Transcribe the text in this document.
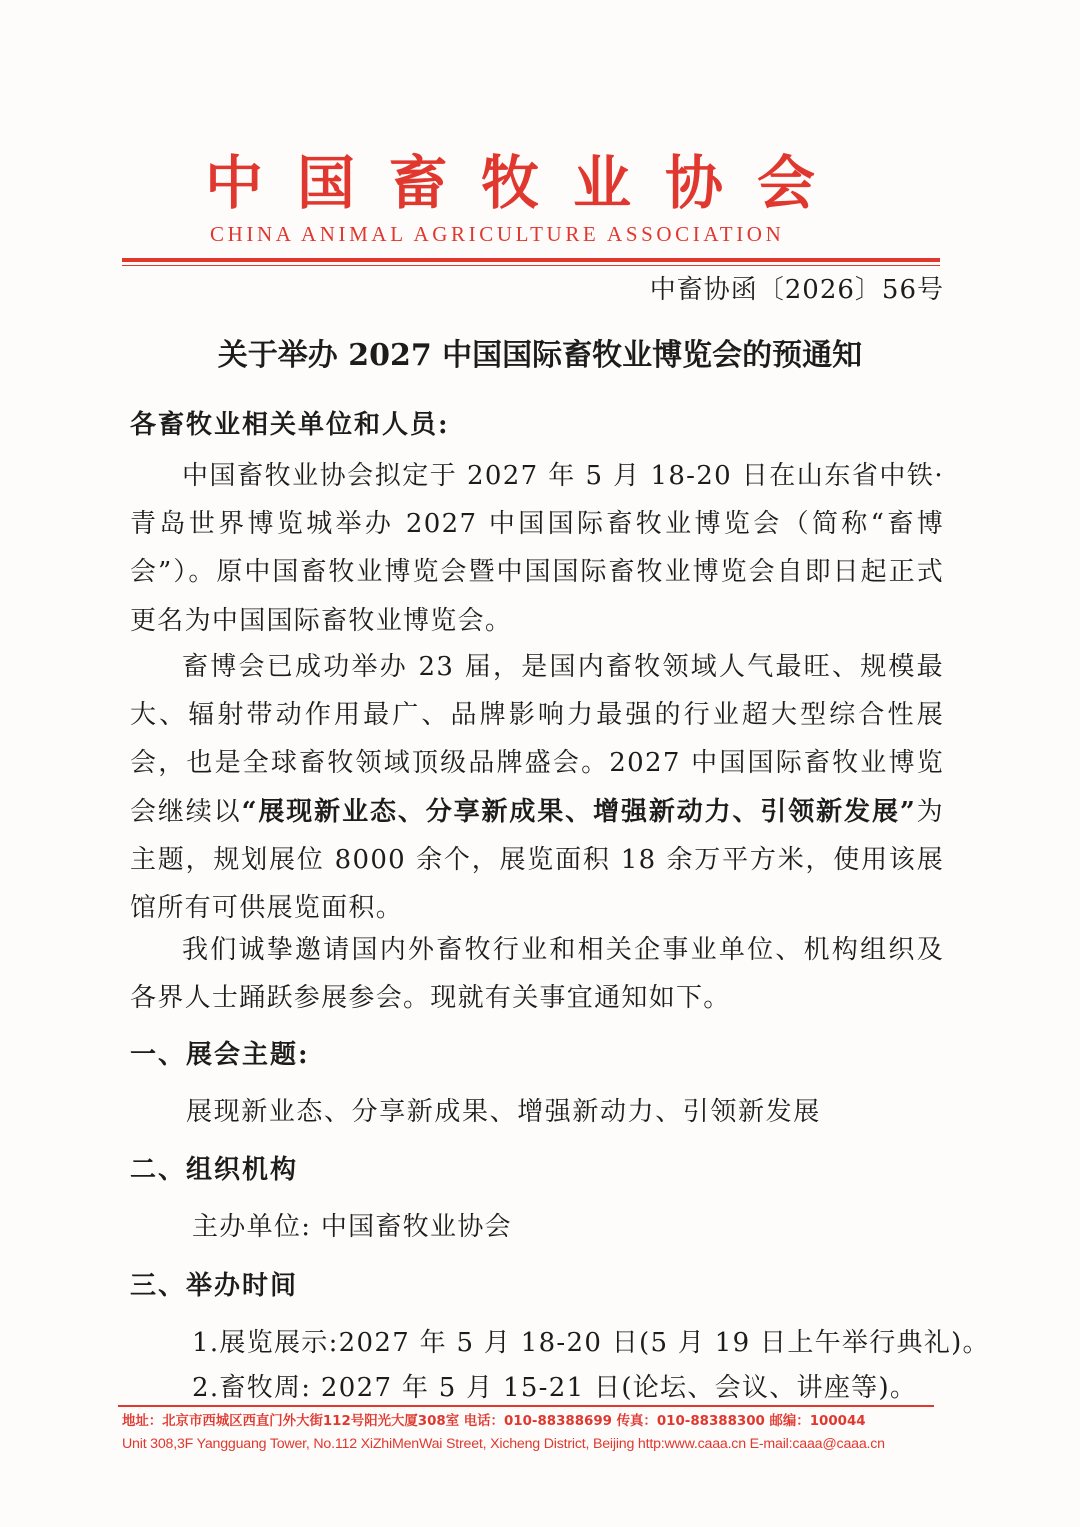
中国畜牧业协会
CHINA ANIMAL AGRICULTURE ASSOCIATION
中畜协函〔2026〕56号
关于举办 2027 中国国际畜牧业博览会的预通知
各畜牧业相关单位和人员:

中国畜牧业协会拟定于 2027 年 5 月 18-20 日在山东省中铁·青岛世界博览城举办 2027 中国国际畜牧业博览会（简称“畜博会”）。原中国畜牧业博览会暨中国国际畜牧业博览会自即日起正式更名为中国国际畜牧业博览会。

畜博会已成功举办 23 届，是国内畜牧领域人气最旺、规模最大、辐射带动作用最广、品牌影响力最强的行业超大型综合性展会，也是全球畜牧领域顶级品牌盛会。2027 中国国际畜牧业博览会继续以“展现新业态、分享新成果、增强新动力、引领新发展”为主题，规划展位 8000 余个，展览面积 18 余万平方米，使用该展馆所有可供展览面积。

我们诚挚邀请国内外畜牧行业和相关企事业单位、机构组织及各界人士踊跃参展参会。现就有关事宜通知如下。

一、展会主题:
展现新业态、分享新成果、增强新动力、引领新发展
二、组织机构
主办单位: 中国畜牧业协会
三、举办时间
1.展览展示:2027 年 5 月 18-20 日(5 月 19 日上午举行典礼)。
2.畜牧周: 2027 年 5 月 15-21 日(论坛、会议、讲座等)。
地址：北京市西城区西直门外大街112号阳光大厦308室 电话：010-88388699 传真：010-88388300 邮编：100044
Unit 308,3F Yangguang Tower, No.112 XiZhiMenWai Street, Xicheng District, Beijing http:www.caaa.cn E-mail:caaa@caaa.cn
